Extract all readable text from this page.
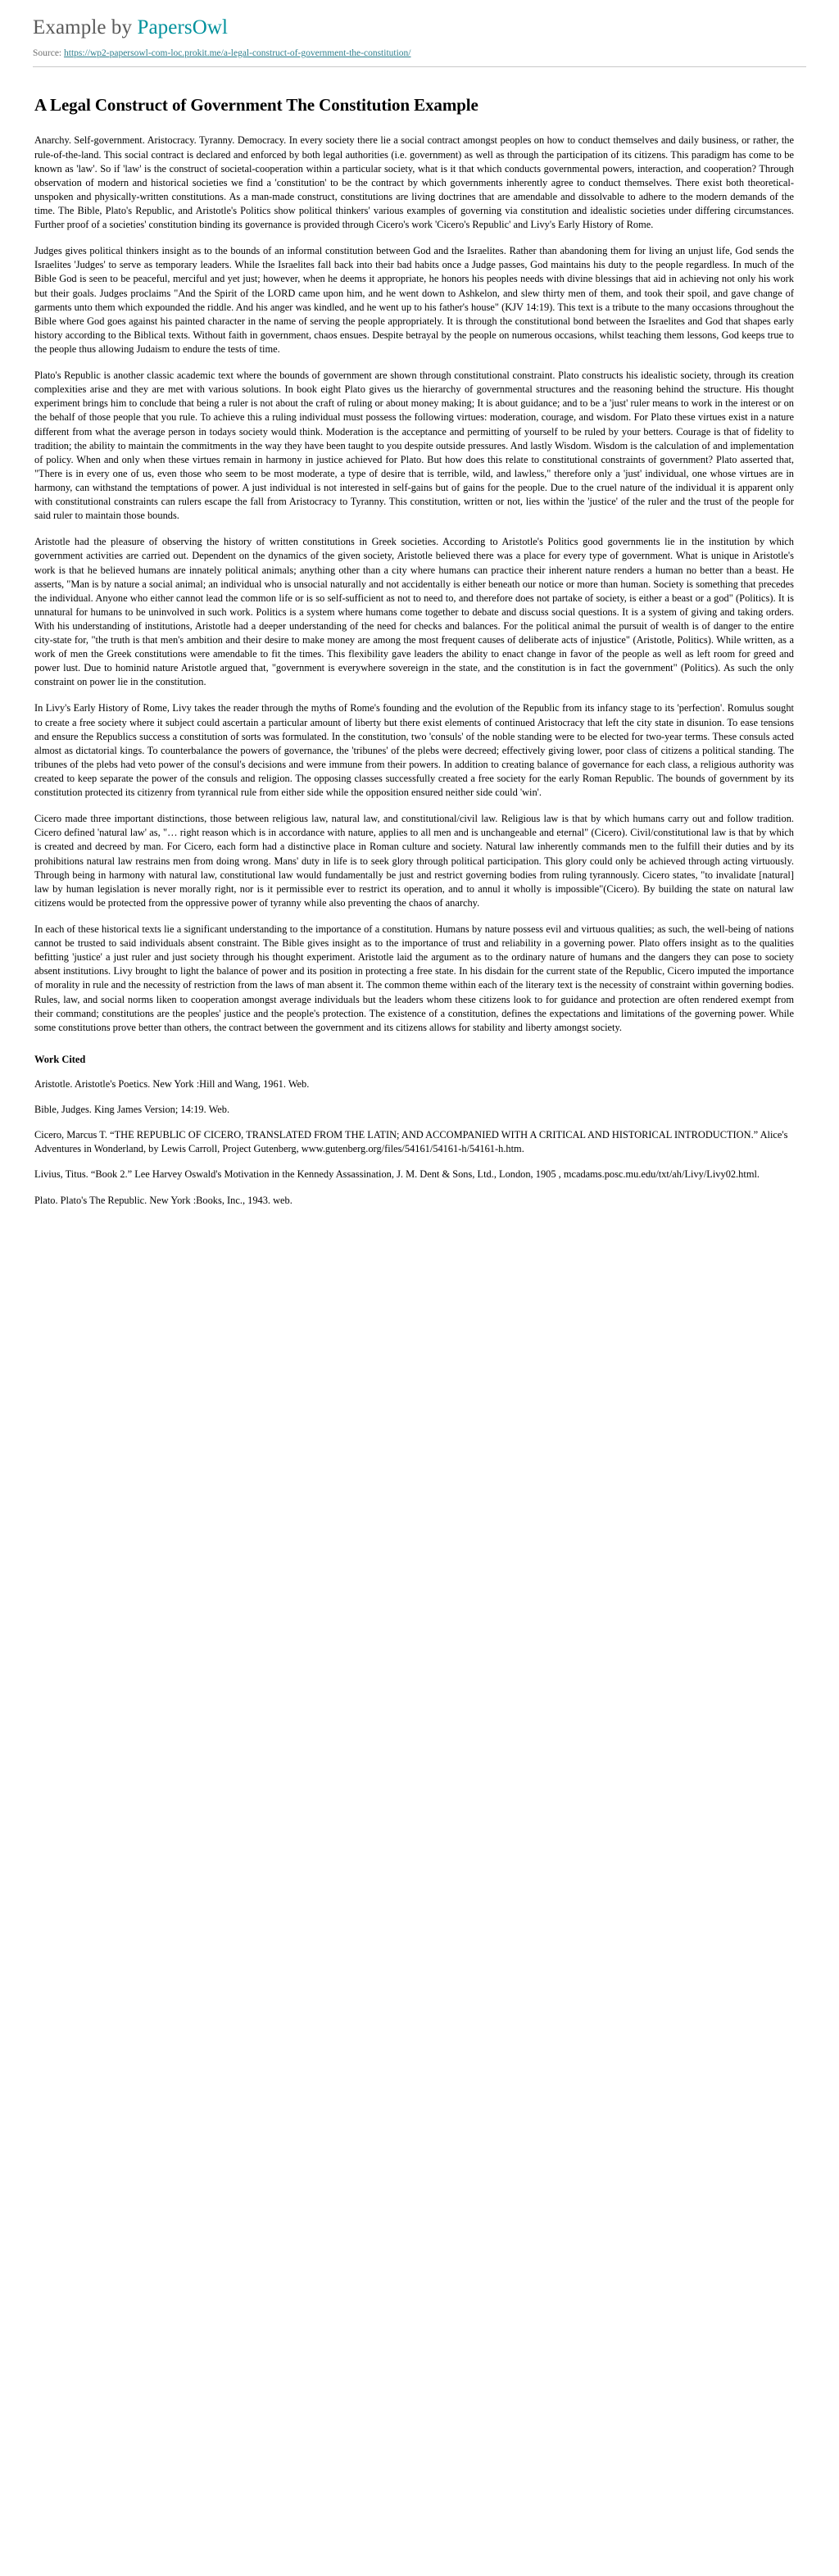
Example by PapersOwl
Source: https://wp2-papersowl-com-loc.prokit.me/a-legal-construct-of-government-the-constitution/
A Legal Construct of Government The Constitution Example

Anarchy. Self-government. Aristocracy. Tyranny. Democracy. In every society there lie a social contract amongst peoples on how to conduct themselves and daily business, or rather, the rule-of-the-land. This social contract is declared and enforced by both legal authorities (i.e. government) as well as through the participation of its citizens. This paradigm has come to be known as 'law'. So if 'law' is the construct of societal-cooperation within a particular society, what is it that which conducts governmental powers, interaction, and cooperation? Through observation of modern and historical societies we find a 'constitution' to be the contract by which governments inherently agree to conduct themselves. There exist both theoretical-unspoken and physically-written constitutions. As a man-made construct, constitutions are living doctrines that are amendable and dissolvable to adhere to the modern demands of the time. The Bible, Plato's Republic, and Aristotle's Politics show political thinkers' various examples of governing via constitution and idealistic societies under differing circumstances. Further proof of a societies' constitution binding its governance is provided through Cicero's work 'Cicero's Republic' and Livy's Early History of Rome.

Judges gives political thinkers insight as to the bounds of an informal constitution between God and the Israelites. Rather than abandoning them for living an unjust life, God sends the Israelites 'Judges' to serve as temporary leaders. While the Israelites fall back into their bad habits once a Judge passes, God maintains his duty to the people regardless. In much of the Bible God is seen to be peaceful, merciful and yet just; however, when he deems it appropriate, he honors his peoples needs with divine blessings that aid in achieving not only his work but their goals. Judges proclaims "And the Spirit of the LORD came upon him, and he went down to Ashkelon, and slew thirty men of them, and took their spoil, and gave change of garments unto them which expounded the riddle. And his anger was kindled, and he went up to his father's house" (KJV 14:19). This text is a tribute to the many occasions throughout the Bible where God goes against his painted character in the name of serving the people appropriately. It is through the constitutional bond between the Israelites and God that shapes early history according to the Biblical texts. Without faith in government, chaos ensues. Despite betrayal by the people on numerous occasions, whilst teaching them lessons, God keeps true to the people thus allowing Judaism to endure the tests of time.

Plato's Republic is another classic academic text where the bounds of government are shown through constitutional constraint. Plato constructs his idealistic society, through its creation complexities arise and they are met with various solutions. In book eight Plato gives us the hierarchy of governmental structures and the reasoning behind the structure. His thought experiment brings him to conclude that being a ruler is not about the craft of ruling or about money making; It is about guidance; and to be a 'just' ruler means to work in the interest or on the behalf of those people that you rule. To achieve this a ruling individual must possess the following virtues: moderation, courage, and wisdom. For Plato these virtues exist in a nature different from what the average person in todays society would think. Moderation is the acceptance and permitting of yourself to be ruled by your betters. Courage is that of fidelity to tradition; the ability to maintain the commitments in the way they have been taught to you despite outside pressures. And lastly Wisdom. Wisdom is the calculation of and implementation of policy. When and only when these virtues remain in harmony in justice achieved for Plato. But how does this relate to constitutional constraints of government? Plato asserted that, "There is in every one of us, even those who seem to be most moderate, a type of desire that is terrible, wild, and lawless," therefore only a 'just' individual, one whose virtues are in harmony, can withstand the temptations of power. A just individual is not interested in self-gains but of gains for the people. Due to the cruel nature of the individual it is apparent only with constitutional constraints can rulers escape the fall from Aristocracy to Tyranny. This constitution, written or not, lies within the 'justice' of the ruler and the trust of the people for said ruler to maintain those bounds.

Aristotle had the pleasure of observing the history of written constitutions in Greek societies. According to Aristotle's Politics good governments lie in the institution by which government activities are carried out. Dependent on the dynamics of the given society, Aristotle believed there was a place for every type of government. What is unique in Aristotle's work is that he believed humans are innately political animals; anything other than a city where humans can practice their inherent nature renders a human no better than a beast. He asserts, "Man is by nature a social animal; an individual who is unsocial naturally and not accidentally is either beneath our notice or more than human. Society is something that precedes the individual. Anyone who either cannot lead the common life or is so self-sufficient as not to need to, and therefore does not partake of society, is either a beast or a god" (Politics). It is unnatural for humans to be uninvolved in such work. Politics is a system where humans come together to debate and discuss social questions. It is a system of giving and taking orders. With his understanding of institutions, Aristotle had a deeper understanding of the need for checks and balances. For the political animal the pursuit of wealth is of danger to the entire city-state for, "the truth is that men's ambition and their desire to make money are among the most frequent causes of deliberate acts of injustice" (Aristotle, Politics). While written, as a work of men the Greek constitutions were amendable to fit the times. This flexibility gave leaders the ability to enact change in favor of the people as well as left room for greed and power lust. Due to hominid nature Aristotle argued that, "government is everywhere sovereign in the state, and the constitution is in fact the government" (Politics). As such the only constraint on power lie in the constitution.

In Livy's Early History of Rome, Livy takes the reader through the myths of Rome's founding and the evolution of the Republic from its infancy stage to its 'perfection'. Romulus sought to create a free society where it subject could ascertain a particular amount of liberty but there exist elements of continued Aristocracy that left the city state in disunion. To ease tensions and ensure the Republics success a constitution of sorts was formulated. In the constitution, two 'consuls' of the noble standing were to be elected for two-year terms. These consuls acted almost as dictatorial kings. To counterbalance the powers of governance, the 'tribunes' of the plebs were decreed; effectively giving lower, poor class of citizens a political standing. The tribunes of the plebs had veto power of the consul's decisions and were immune from their powers. In addition to creating balance of governance for each class, a religious authority was created to keep separate the power of the consuls and religion. The opposing classes successfully created a free society for the early Roman Republic. The bounds of government by its constitution protected its citizenry from tyrannical rule from either side while the opposition ensured neither side could 'win'.

Cicero made three important distinctions, those between religious law, natural law, and constitutional/civil law. Religious law is that by which humans carry out and follow tradition. Cicero defined 'natural law' as, "… right reason which is in accordance with nature, applies to all men and is unchangeable and eternal" (Cicero). Civil/constitutional law is that by which is created and decreed by man. For Cicero, each form had a distinctive place in Roman culture and society. Natural law inherently commands men to the fulfill their duties and by its prohibitions natural law restrains men from doing wrong. Mans' duty in life is to seek glory through political participation. This glory could only be achieved through acting virtuously. Through being in harmony with natural law, constitutional law would fundamentally be just and restrict governing bodies from ruling tyrannously. Cicero states, "to invalidate [natural] law by human legislation is never morally right, nor is it permissible ever to restrict its operation, and to annul it wholly is impossible"(Cicero). By building the state on natural law citizens would be protected from the oppressive power of tyranny while also preventing the chaos of anarchy.

In each of these historical texts lie a significant understanding to the importance of a constitution. Humans by nature possess evil and virtuous qualities; as such, the well-being of nations cannot be trusted to said individuals absent constraint. The Bible gives insight as to the importance of trust and reliability in a governing power. Plato offers insight as to the qualities befitting 'justice' a just ruler and just society through his thought experiment. Aristotle laid the argument as to the ordinary nature of humans and the dangers they can pose to society absent institutions. Livy brought to light the balance of power and its position in protecting a free state. In his disdain for the current state of the Republic, Cicero imputed the importance of morality in rule and the necessity of restriction from the laws of man absent it. The common theme within each of the literary text is the necessity of constraint within governing bodies. Rules, law, and social norms liken to cooperation amongst average individuals but the leaders whom these citizens look to for guidance and protection are often rendered exempt from their command; constitutions are the peoples' justice and the people's protection. The existence of a constitution, defines the expectations and limitations of the governing power. While some constitutions prove better than others, the contract between the government and its citizens allows for stability and liberty amongst society.

Work Cited

Aristotle. Aristotle's Poetics. New York :Hill and Wang, 1961. Web.

Bible, Judges. King James Version; 14:19. Web.

Cicero, Marcus T. “THE REPUBLIC OF CICERO, TRANSLATED FROM THE LATIN; AND ACCOMPANIED WITH A CRITICAL AND HISTORICAL INTRODUCTION.” Alice's Adventures in Wonderland, by Lewis Carroll, Project Gutenberg, www.gutenberg.org/files/54161/54161-h/54161-h.htm.

Livius, Titus. “Book 2.” Lee Harvey Oswald's Motivation in the Kennedy Assassination, J. M. Dent & Sons, Ltd., London, 1905 , mcadams.posc.mu.edu/txt/ah/Livy/Livy02.html.

Plato. Plato's The Republic. New York :Books, Inc., 1943. web.
